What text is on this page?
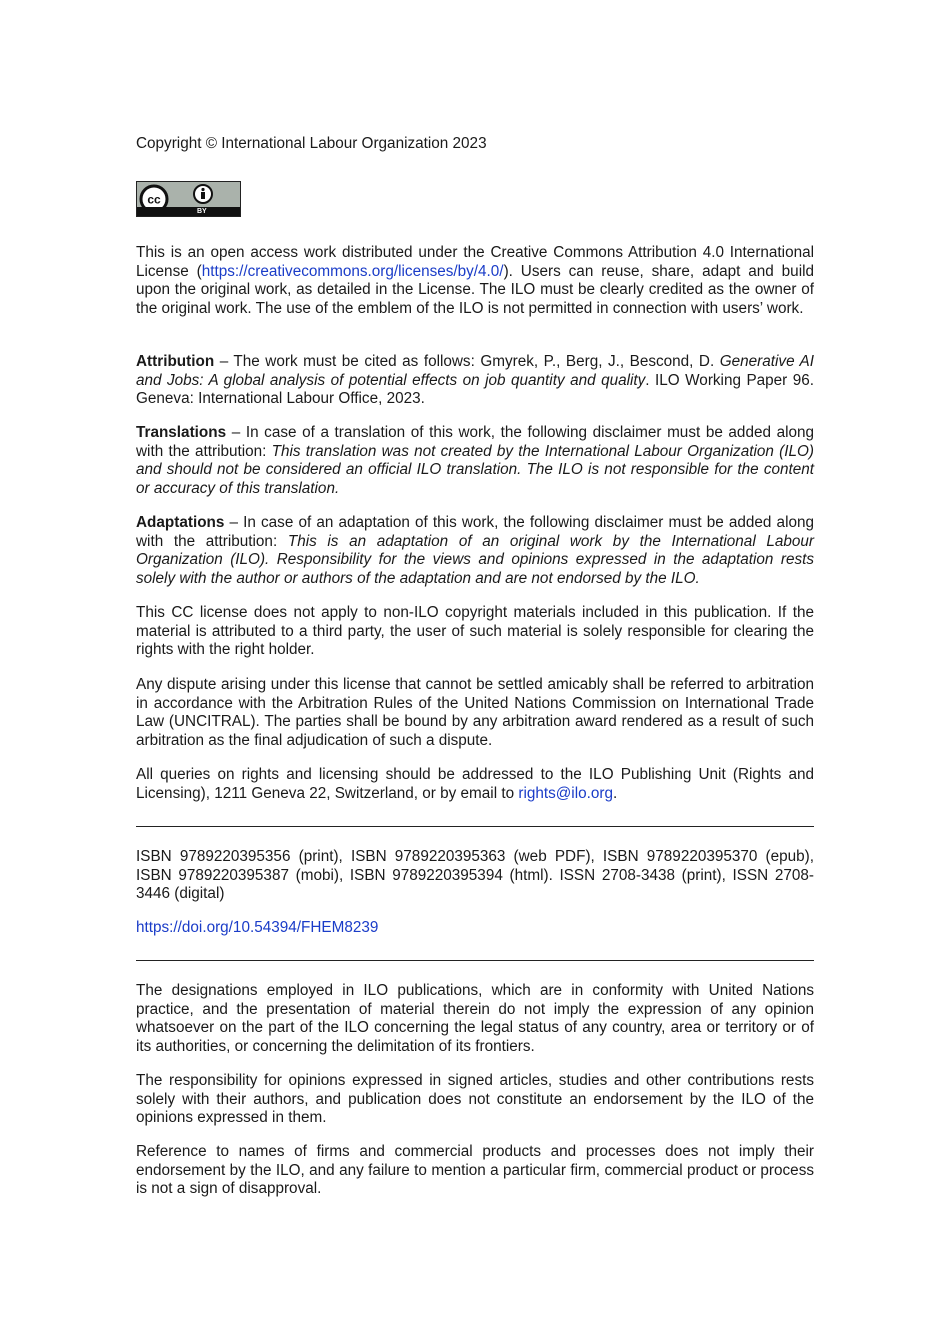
Copyright © International Labour Organization 2023

cc
BY

This is an open access work distributed under the Creative Commons Attribution 4.0 International License (https://creativecommons.org/licenses/by/4.0/). Users can reuse, share, adapt and build upon the original work, as detailed in the License. The ILO must be clearly credited as the owner of the original work. The use of the emblem of the ILO is not permitted in connection with users’ work.

Attribution – The work must be cited as follows: Gmyrek, P., Berg, J., Bescond, D. Generative AI and Jobs: A global analysis of potential effects on job quantity and quality. ILO Working Paper 96. Geneva: International Labour Office, 2023.

Translations – In case of a translation of this work, the following disclaimer must be added along with the attribution: This translation was not created by the International Labour Organization (ILO) and should not be considered an official ILO translation. The ILO is not responsible for the content or accuracy of this translation.

Adaptations – In case of an adaptation of this work, the following disclaimer must be added along with the attribution: This is an adaptation of an original work by the International Labour Organization (ILO). Responsibility for the views and opinions expressed in the adaptation rests solely with the author or authors of the adaptation and are not endorsed by the ILO.

This CC license does not apply to non-ILO copyright materials included in this publication. If the material is attributed to a third party, the user of such material is solely responsible for clearing the rights with the right holder.

Any dispute arising under this license that cannot be settled amicably shall be referred to arbitration in accordance with the Arbitration Rules of the United Nations Commission on International Trade Law (UNCITRAL). The parties shall be bound by any arbitration award rendered as a result of such arbitration as the final adjudication of such a dispute.

All queries on rights and licensing should be addressed to the ILO Publishing Unit (Rights and Licensing), 1211 Geneva 22, Switzerland, or by email to rights@ilo.org.

ISBN 9789220395356 (print), ISBN 9789220395363 (web PDF), ISBN 9789220395370 (epub), ISBN 9789220395387 (mobi), ISBN 9789220395394 (html). ISSN 2708-3438 (print), ISSN 2708-3446 (digital)

https://doi.org/10.54394/FHEM8239

The designations employed in ILO publications, which are in conformity with United Nations practice, and the presentation of material therein do not imply the expression of any opinion whatsoever on the part of the ILO concerning the legal status of any country, area or territory or of its authorities, or concerning the delimitation of its frontiers.

The responsibility for opinions expressed in signed articles, studies and other contributions rests solely with their authors, and publication does not constitute an endorsement by the ILO of the opinions expressed in them.

Reference to names of firms and commercial products and processes does not imply their endorsement by the ILO, and any failure to mention a particular firm, commercial product or process is not a sign of disapproval.
